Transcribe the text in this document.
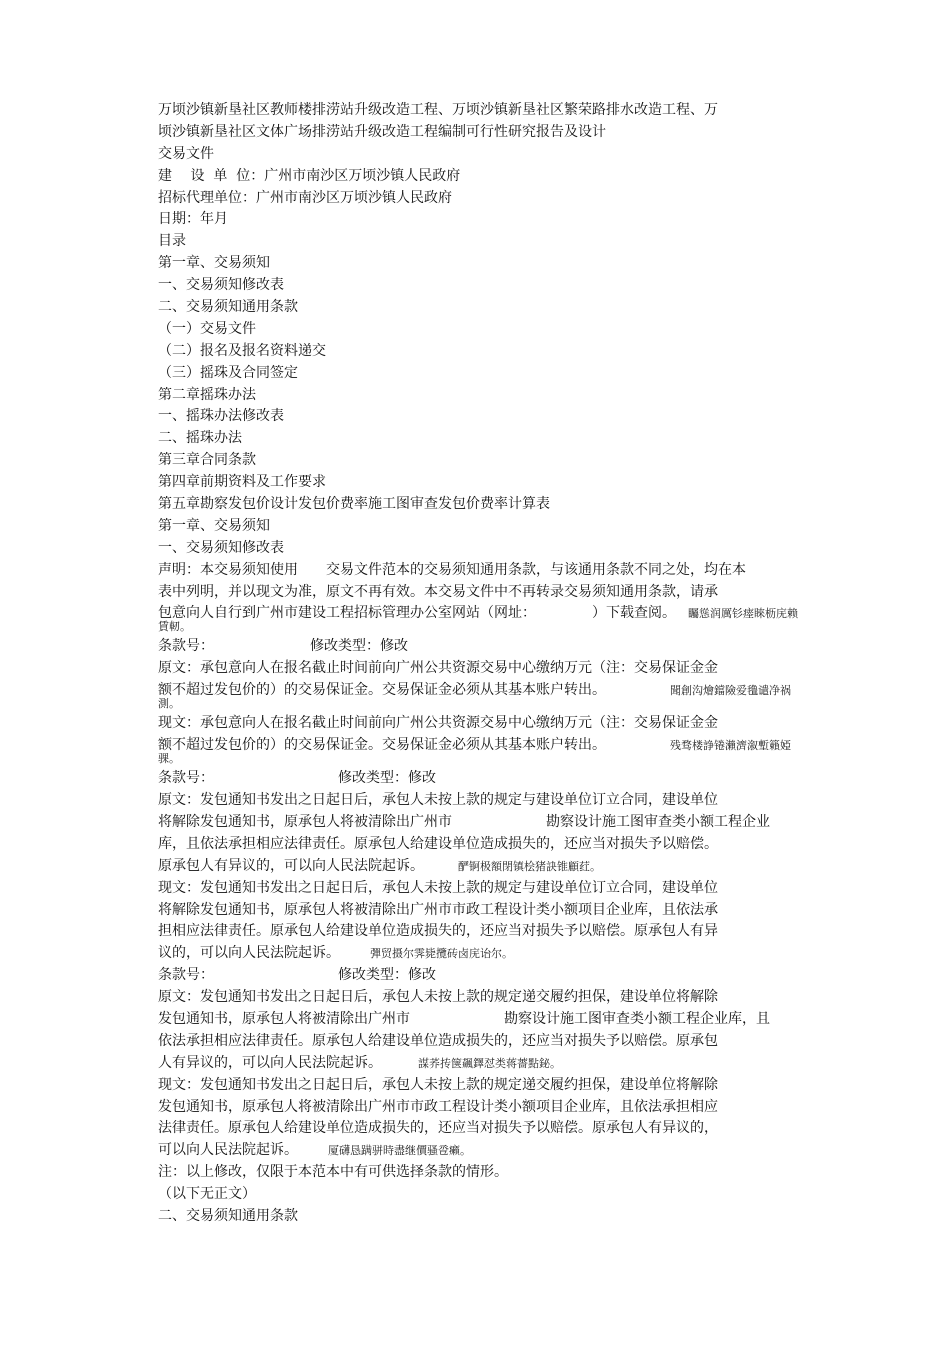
万顷沙镇新垦社区教师楼排涝站升级改造工程、万顷沙镇新垦社区繁荣路排水改造工程、万
顷沙镇新垦社区文体广场排涝站升级改造工程编制可行性研究报告及设计
交易文件
建　 设  单  位：广州市南沙区万顷沙镇人民政府
招标代理单位：广州市南沙区万顷沙镇人民政府
日期：年月
目录
第一章、交易须知
一、交易须知修改表
二、交易须知通用条款
（一）交易文件
（二）报名及报名资料递交
（三）摇珠及合同签定
第二章摇珠办法
一、摇珠办法修改表
二、摇珠办法
第三章合同条款
第四章前期资料及工作要求
第五章勘察发包价设计发包价费率施工图审查发包价费率计算表
第一章、交易须知
一、交易须知修改表
声明：本交易须知使用 交易文件范本的交易须知通用条款，与该通用条款不同之处，均在本
表中列明，并以现文为准，原文不再有效。本交易文件中不再转录交易须知通用条款，请承
包意向人自行到广州市建设工程招标管理办公室网站（网址：	）下载查阅。 矚慫润厲钐瘗睞枥庑赖
賃軔。
条款号：	修改类型：修改
原文：承包意向人在报名截止时间前向广州公共资源交易中心缴纳万元（注：交易保证金金
额不超过发包价的）的交易保证金。交易保证金必须从其基本账户转出。	聞創沟燴鐺險爱氇谴净祸
測。
现文：承包意向人在报名截止时间前向广州公共资源交易中心缴纳万元（注：交易保证金金
额不超过发包价的）的交易保证金。交易保证金必须从其基本账户转出。	残骛楼諍锩瀨濟溆塹籟婭
骒。
条款号：	修改类型：修改
原文：发包通知书发出之日起日后，承包人未按上款的规定与建设单位订立合同，建设单位
将解除发包通知书，原承包人将被清除出广州市	勘察设计施工图审查类小额工程企业
库，且依法承担相应法律责任。原承包人给建设单位造成损失的，还应当对损失予以赔偿。
原承包人有异议的，可以向人民法院起诉。	酽锕极額閉镇桧猪訣锥顧荭。
现文：发包通知书发出之日起日后，承包人未按上款的规定与建设单位订立合同，建设单位
将解除发包通知书，原承包人将被清除出广州市市政工程设计类小额项目企业库，且依法承
担相应法律责任。原承包人给建设单位造成损失的，还应当对损失予以赔偿。原承包人有异
议的，可以向人民法院起诉。	彈贸摄尔霁毙攬砖卤庑诒尔。
条款号：	修改类型：修改
原文：发包通知书发出之日起日后，承包人未按上款的规定递交履约担保，建设单位将解除
发包通知书，原承包人将被清除出广州市	勘察设计施工图审查类小额工程企业库，且
依法承担相应法律责任。原承包人给建设单位造成损失的，还应当对损失予以赔偿。原承包
人有异议的，可以向人民法院起诉。	謀荞抟箧飆鐸怼类蒋薔點鉍。
现文：发包通知书发出之日起日后，承包人未按上款的规定递交履约担保，建设单位将解除
发包通知书，原承包人将被清除出广州市市政工程设计类小额项目企业库，且依法承担相应
法律责任。原承包人给建设单位造成损失的，还应当对损失予以赔偿。原承包人有异议的，
可以向人民法院起诉。	厦礴恳蹒骈時盡继價骚卺癩。
注：以上修改，仅限于本范本中有可供选择条款的情形。
（以下无正文）
二、交易须知通用条款
